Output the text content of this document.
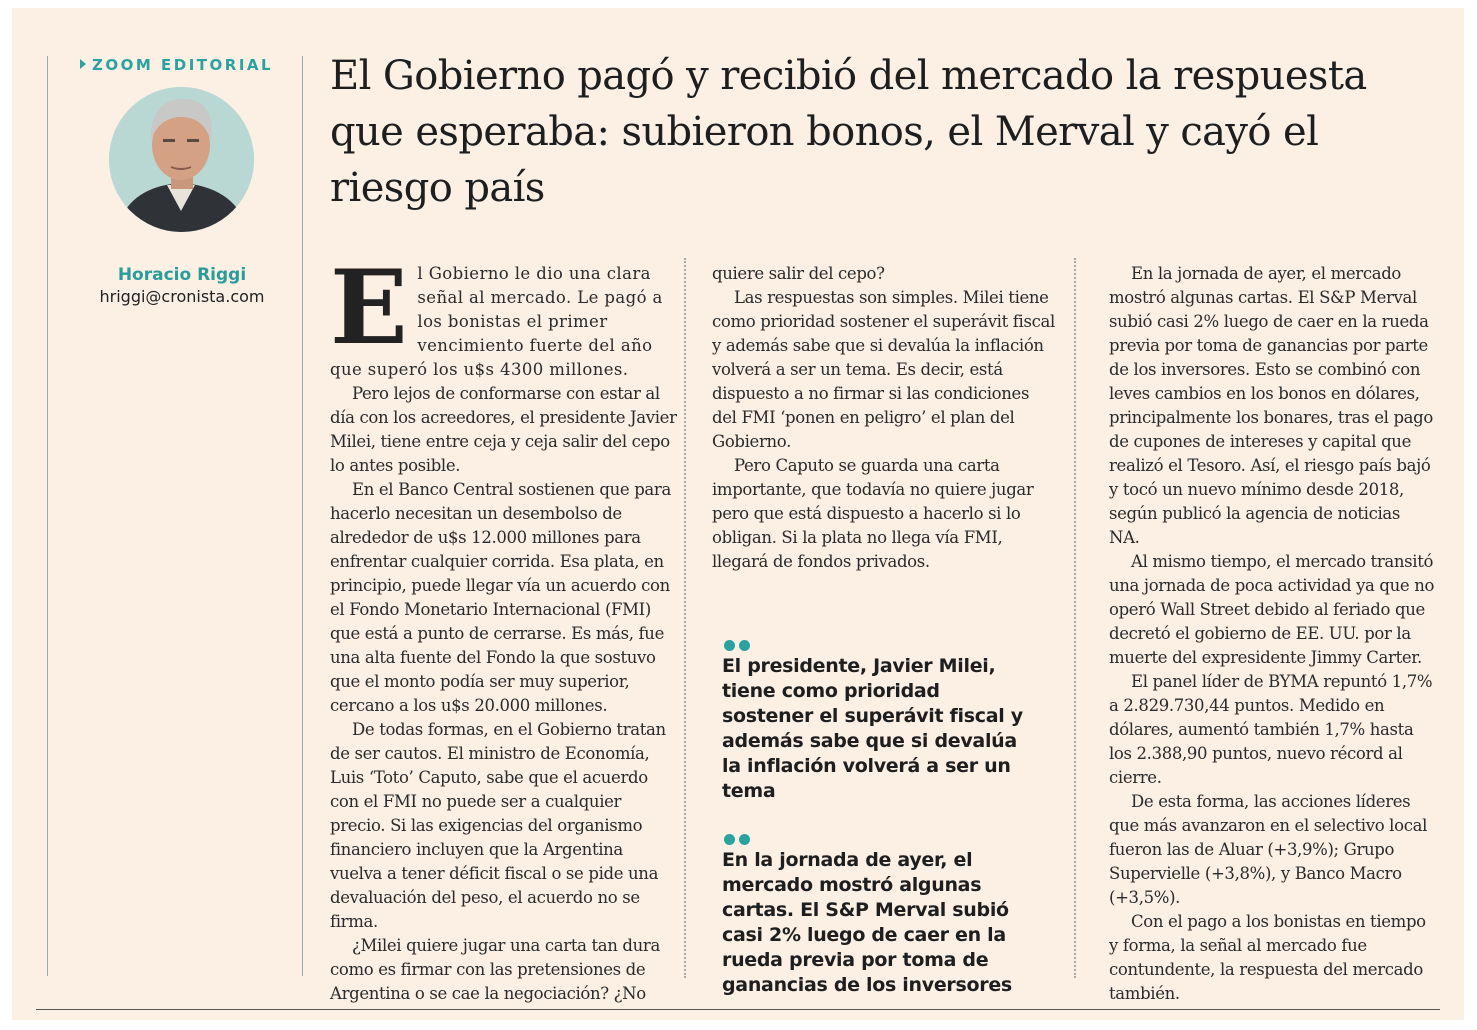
ZOOM EDITORIAL
Horacio Riggi
hriggi@cronista.com
El Gobierno pagó y recibió del mercado la respuesta que esperaba: subieron bonos, el Merval y cayó el riesgo país

El Gobierno le dio una clara señal al mercado. Le pagó a los bonistas el primer vencimiento fuerte del año que superó los u$s 4300 millones.

Pero lejos de conformarse con estar al día con los acreedores, el presidente Javier Milei, tiene entre ceja y ceja salir del cepo lo antes posible.

En el Banco Central sostienen que para hacerlo necesitan un desembolso de alrededor de u$s 12.000 millones para enfrentar cualquier corrida. Esa plata, en principio, puede llegar vía un acuerdo con el Fondo Monetario Internacional (FMI) que está a punto de cerrarse. Es más, fue una alta fuente del Fondo la que sostuvo que el monto podía ser muy superior, cercano a los u$s 20.000 millones.

De todas formas, en el Gobierno tratan de ser cautos. El ministro de Economía, Luis ‘Toto’ Caputo, sabe que el acuerdo con el FMI no puede ser a cualquier precio. Si las exigencias del organismo financiero incluyen que la Argentina vuelva a tener déficit fiscal o se pide una devaluación del peso, el acuerdo no se firma.

¿Milei quiere jugar una carta tan dura como es firmar con las pretensiones de Argentina o se cae la negociación? ¿No

quiere salir del cepo?

Las respuestas son simples. Milei tiene como prioridad sostener el superávit fiscal y además sabe que si devalúa la inflación volverá a ser un tema. Es decir, está dispuesto a no firmar si las condiciones del FMI ‘ponen en peligro’ el plan del Gobierno.

Pero Caputo se guarda una carta importante, que todavía no quiere jugar pero que está dispuesto a hacerlo si lo obligan. Si la plata no llega vía FMI, llegará de fondos privados.

El presidente, Javier Milei, tiene como prioridad sostener el superávit fiscal y además sabe que si devalúa la inflación volverá a ser un tema
En la jornada de ayer, el mercado mostró algunas cartas. El S&P Merval subió casi 2% luego de caer en la rueda previa por toma de ganancias de los inversores

En la jornada de ayer, el mercado mostró algunas cartas. El S&P Merval subió casi 2% luego de caer en la rueda previa por toma de ganancias por parte de los inversores. Esto se combinó con leves cambios en los bonos en dólares, principalmente los bonares, tras el pago de cupones de intereses y capital que realizó el Tesoro. Así, el riesgo país bajó y tocó un nuevo mínimo desde 2018, según publicó la agencia de noticias NA.

Al mismo tiempo, el mercado transitó una jornada de poca actividad ya que no operó Wall Street debido al feriado que decretó el gobierno de EE. UU. por la muerte del expresidente Jimmy Carter.

El panel líder de BYMA repuntó 1,7% a 2.829.730,44 puntos. Medido en dólares, aumentó también 1,7% hasta los 2.388,90 puntos, nuevo récord al cierre.

De esta forma, las acciones líderes que más avanzaron en el selectivo local fueron las de Aluar (+3,9%); Grupo Supervielle (+3,8%), y Banco Macro (+3,5%).

Con el pago a los bonistas en tiempo y forma, la señal al mercado fue contundente, la respuesta del mercado también.
